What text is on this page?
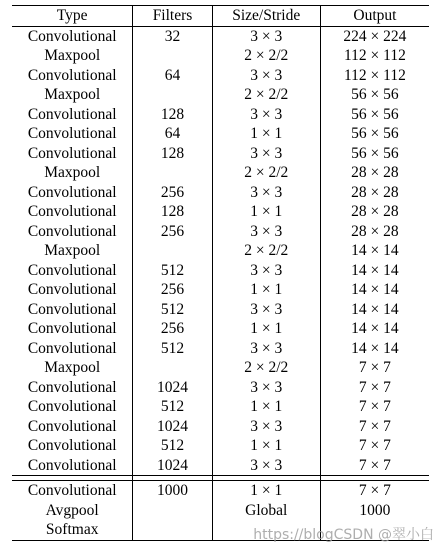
Type	Filters	Size/Stride	Output
Convolutional	32	3 × 3	224 × 224
Maxpool		2 × 2/2	112 × 112
Convolutional	64	3 × 3	112 × 112
Maxpool		2 × 2/2	56 × 56
Convolutional	128	3 × 3	56 × 56
Convolutional	64	1 × 1	56 × 56
Convolutional	128	3 × 3	56 × 56
Maxpool		2 × 2/2	28 × 28
Convolutional	256	3 × 3	28 × 28
Convolutional	128	1 × 1	28 × 28
Convolutional	256	3 × 3	28 × 28
Maxpool		2 × 2/2	14 × 14
Convolutional	512	3 × 3	14 × 14
Convolutional	256	1 × 1	14 × 14
Convolutional	512	3 × 3	14 × 14
Convolutional	256	1 × 1	14 × 14
Convolutional	512	3 × 3	14 × 14
Maxpool		2 × 2/2	7 × 7
Convolutional	1024	3 × 3	7 × 7
Convolutional	512	1 × 1	7 × 7
Convolutional	1024	3 × 3	7 × 7
Convolutional	512	1 × 1	7 × 7
Convolutional	1024	3 × 3	7 × 7

Convolutional	1000	1 × 1	7 × 7
Avgpool		Global	1000
Softmax				https://blogCSDN @翠小白
